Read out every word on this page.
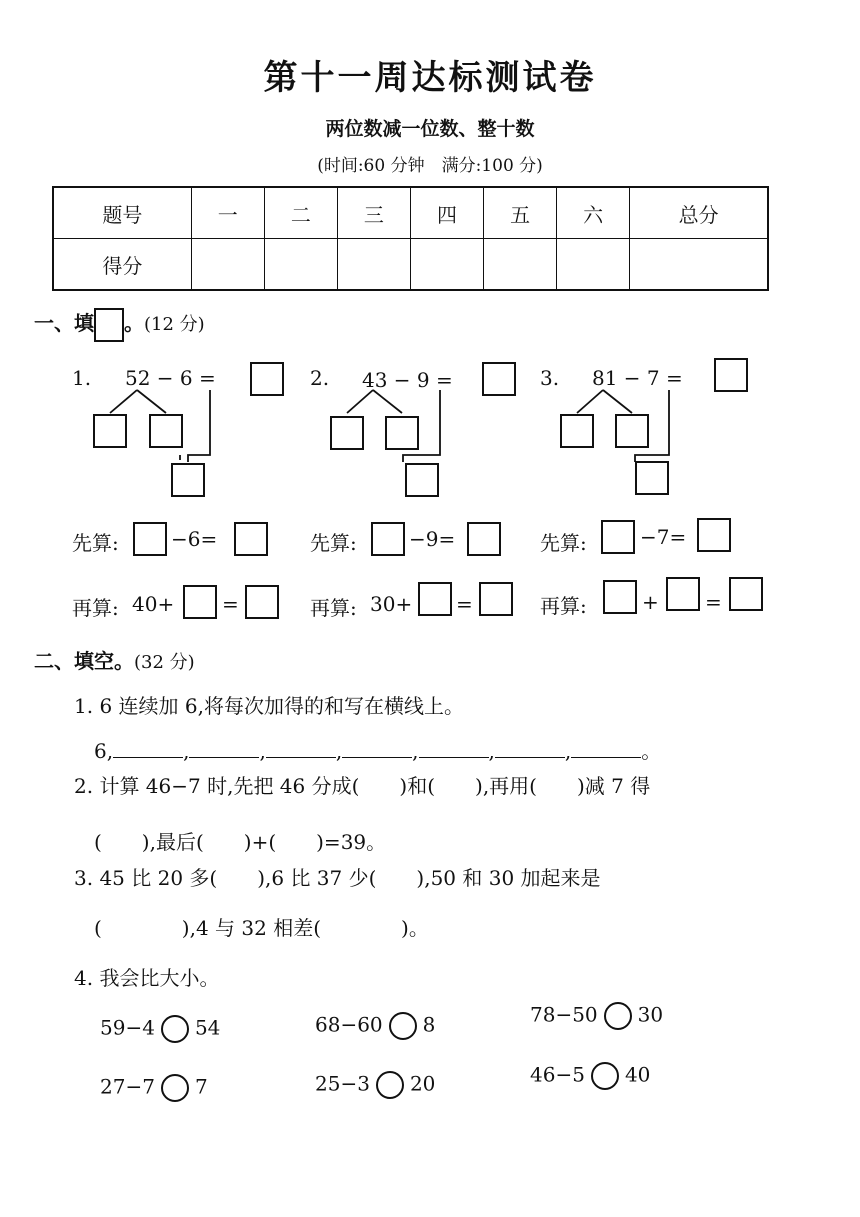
第十一周达标测试卷
两位数减一位数、整十数
(时间:60 分钟　满分:100 分)
题号	一	二	三	四	五	六	总分
得分							
一、填 。(12 分)
1. 52 − 6 =	2. 43 − 9 =	3. 81 − 7 =
先算:	−6=	先算:	−9=	先算:	−7=
再算: 40+ =	再算: 30+ =	再算:	+ =
二、填空。(32 分)
1. 6 连续加 6,将每次加得的和写在横线上。
6,	,	,	,	,	,	,	。
2. 计算 46−7 时,先把 46 分成(　　)和(　　),再用(　　)减 7 得
(　　),最后(　　)+(　　)=39。
3. 45 比 20 多(　　),6 比 37 少(　　),50 和 30 加起来是
(　　　　),4 与 32 相差(　　　　)。
4. 我会比大小。
59−4 54	68−60 8	78−50 30
27−7 7	25−3 20	46−5 40
